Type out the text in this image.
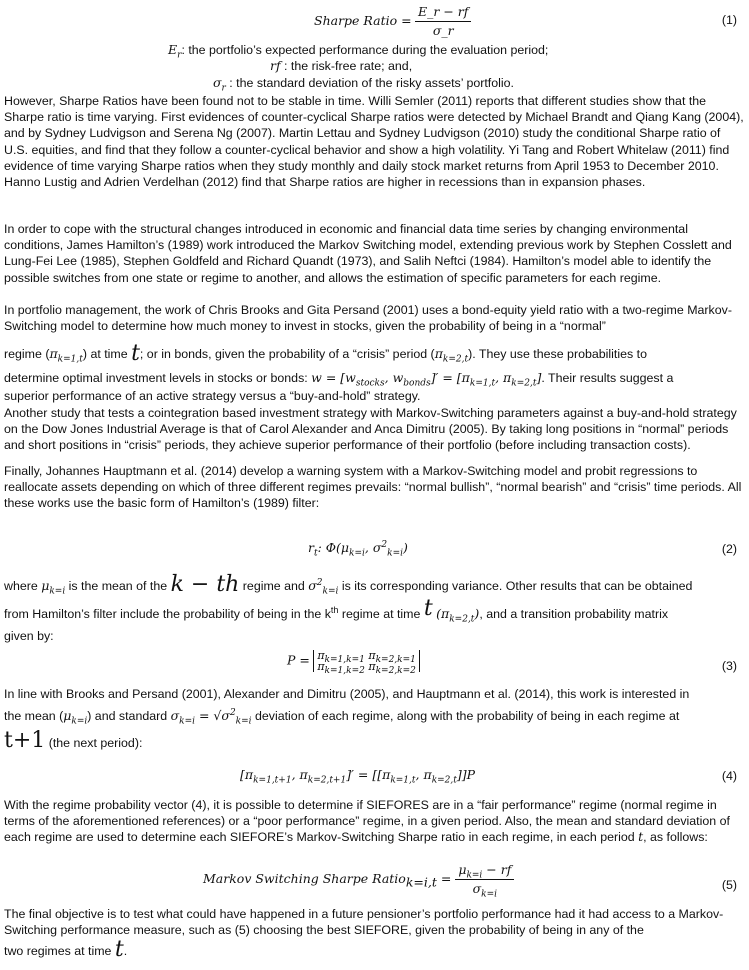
Sharpe Ratio = $\frac{E\_r - rf}{\sigma\_r}$	(1)
$E_r$: the portfolio’s expected performance during the evaluation period;
rf : the risk-free rate; and,
$\sigma_r$ : the standard deviation of the risky assets’ portfolio.
However, Sharpe Ratios have been found not to be stable in time. Willi Semler (2011) reports that different studies show that the Sharpe ratio is time varying. First evidences of counter-cyclical Sharpe ratios were detected by Michael Brandt and Qiang Kang (2004), and by Sydney Ludvigson and Serena Ng (2007). Martin Lettau and Sydney Ludvigson (2010) study the conditional Sharpe ratio of U.S. equities, and find that they follow a counter-cyclical behavior and show a high volatility. Yi Tang and Robert Whitelaw (2011) find evidence of time varying Sharpe ratios when they study monthly and daily stock market returns from April 1953 to December 2010. Hanno Lustig and Adrien Verdelhan (2012) find that Sharpe ratios are higher in recessions than in expansion phases.
In order to cope with the structural changes introduced in economic and financial data time series by changing environmental conditions, James Hamilton’s (1989) work introduced the Markov Switching model, extending previous work by Stephen Cosslett and Lung-Fei Lee (1985), Stephen Goldfeld and Richard Quandt (1973), and Salih Neftci (1984). Hamilton’s model able to identify the possible switches from one state or regime to another, and allows the estimation of specific parameters for each regime.
In portfolio management, the work of Chris Brooks and Gita Persand (2001) uses a bond-equity yield ratio with a two-regime Markov-Switching model to determine how much money to invest in stocks, given the probability of being in a “normal”
regime $(\pi_{k=1,t})$ at time t; or in bonds, given the probability of a “crisis” period $(\pi_{k=2,t})$. They use these probabilities to
determine optimal investment levels in stocks or bonds: $w = [w_{stocks}$, $w_{bonds}]' = [\pi_{k=1,t}$, $\pi_{k=2,t}$]. Their results suggest a
superior performance of an active strategy versus a “buy-and-hold” strategy.
Another study that tests a cointegration based investment strategy with Markov-Switching parameters against a buy-and-hold strategy on the Dow Jones Industrial Average is that of Carol Alexander and Anca Dimitru (2005). By taking long positions in “normal” periods and short positions in “crisis” periods, they achieve superior performance of their portfolio (before including transaction costs).
Finally, Johannes Hauptmann et al. (2014) develop a warning system with a Markov-Switching model and probit regressions to reallocate assets depending on which of three different regimes prevails: “normal bullish”, “normal bearish” and “crisis” time periods. All these works use the basic form of Hamilton’s (1989) filter:
$r_t$: $\Phi(\mu_{k=i}$, $\sigma^2_{k=i}$)	(2)
where $\mu_{k=i}$ is the mean of the k − th regime and $\sigma^2_{k=i}$ is its corresponding variance. Other results that can be obtained
from Hamilton’s filter include the probability of being in the $k^{th}$ regime at time t $(\pi_{k=2,t})$, and a transition probability matrix
given by:
$P = \pi_{k=1,k=1}$ $\pi_{k=2,k=1}$
$\pi_{k=1,k=2}$ $\pi_{k=2,k=2}$	(3)
In line with Brooks and Persand (2001), Alexander and Dimitru (2005), and Hauptmann et al. (2014), this work is interested in
the mean $(\mu_{k=i})$ and standard $\sigma_{k=i} = √\sigma^2_{k=i}$ deviation of each regime, along with the probability of being in each regime at
t+1 (the next period):
[$\pi_{k=1,t+1}$, $\pi_{k=2,t+1}]' = [[\pi_{k=1,t}$, $\pi_{k=2,t}]]P$	(4)
With the regime probability vector (4), it is possible to determine if SIEFORES are in a “fair performance” regime (normal regime in terms of the aforementioned references) or a “poor performance” regime, in a given period. Also, the mean and standard deviation of each regime are used to determine each SIEFORE’s Markov-Switching Sharpe ratio in each regime, in each period t, as follows:
Markov Switching Sharpe Ratio$_{k=i,t}$ = $\frac{\mu_{k=i} - rf}{\sigma_{k=i}}$	(5)
The final objective is to test what could have happened in a future pensioner’s portfolio performance had it had access to a Markov-Switching performance measure, such as (5) choosing the best SIEFORE, given the probability of being in any of the
two regimes at time t.
